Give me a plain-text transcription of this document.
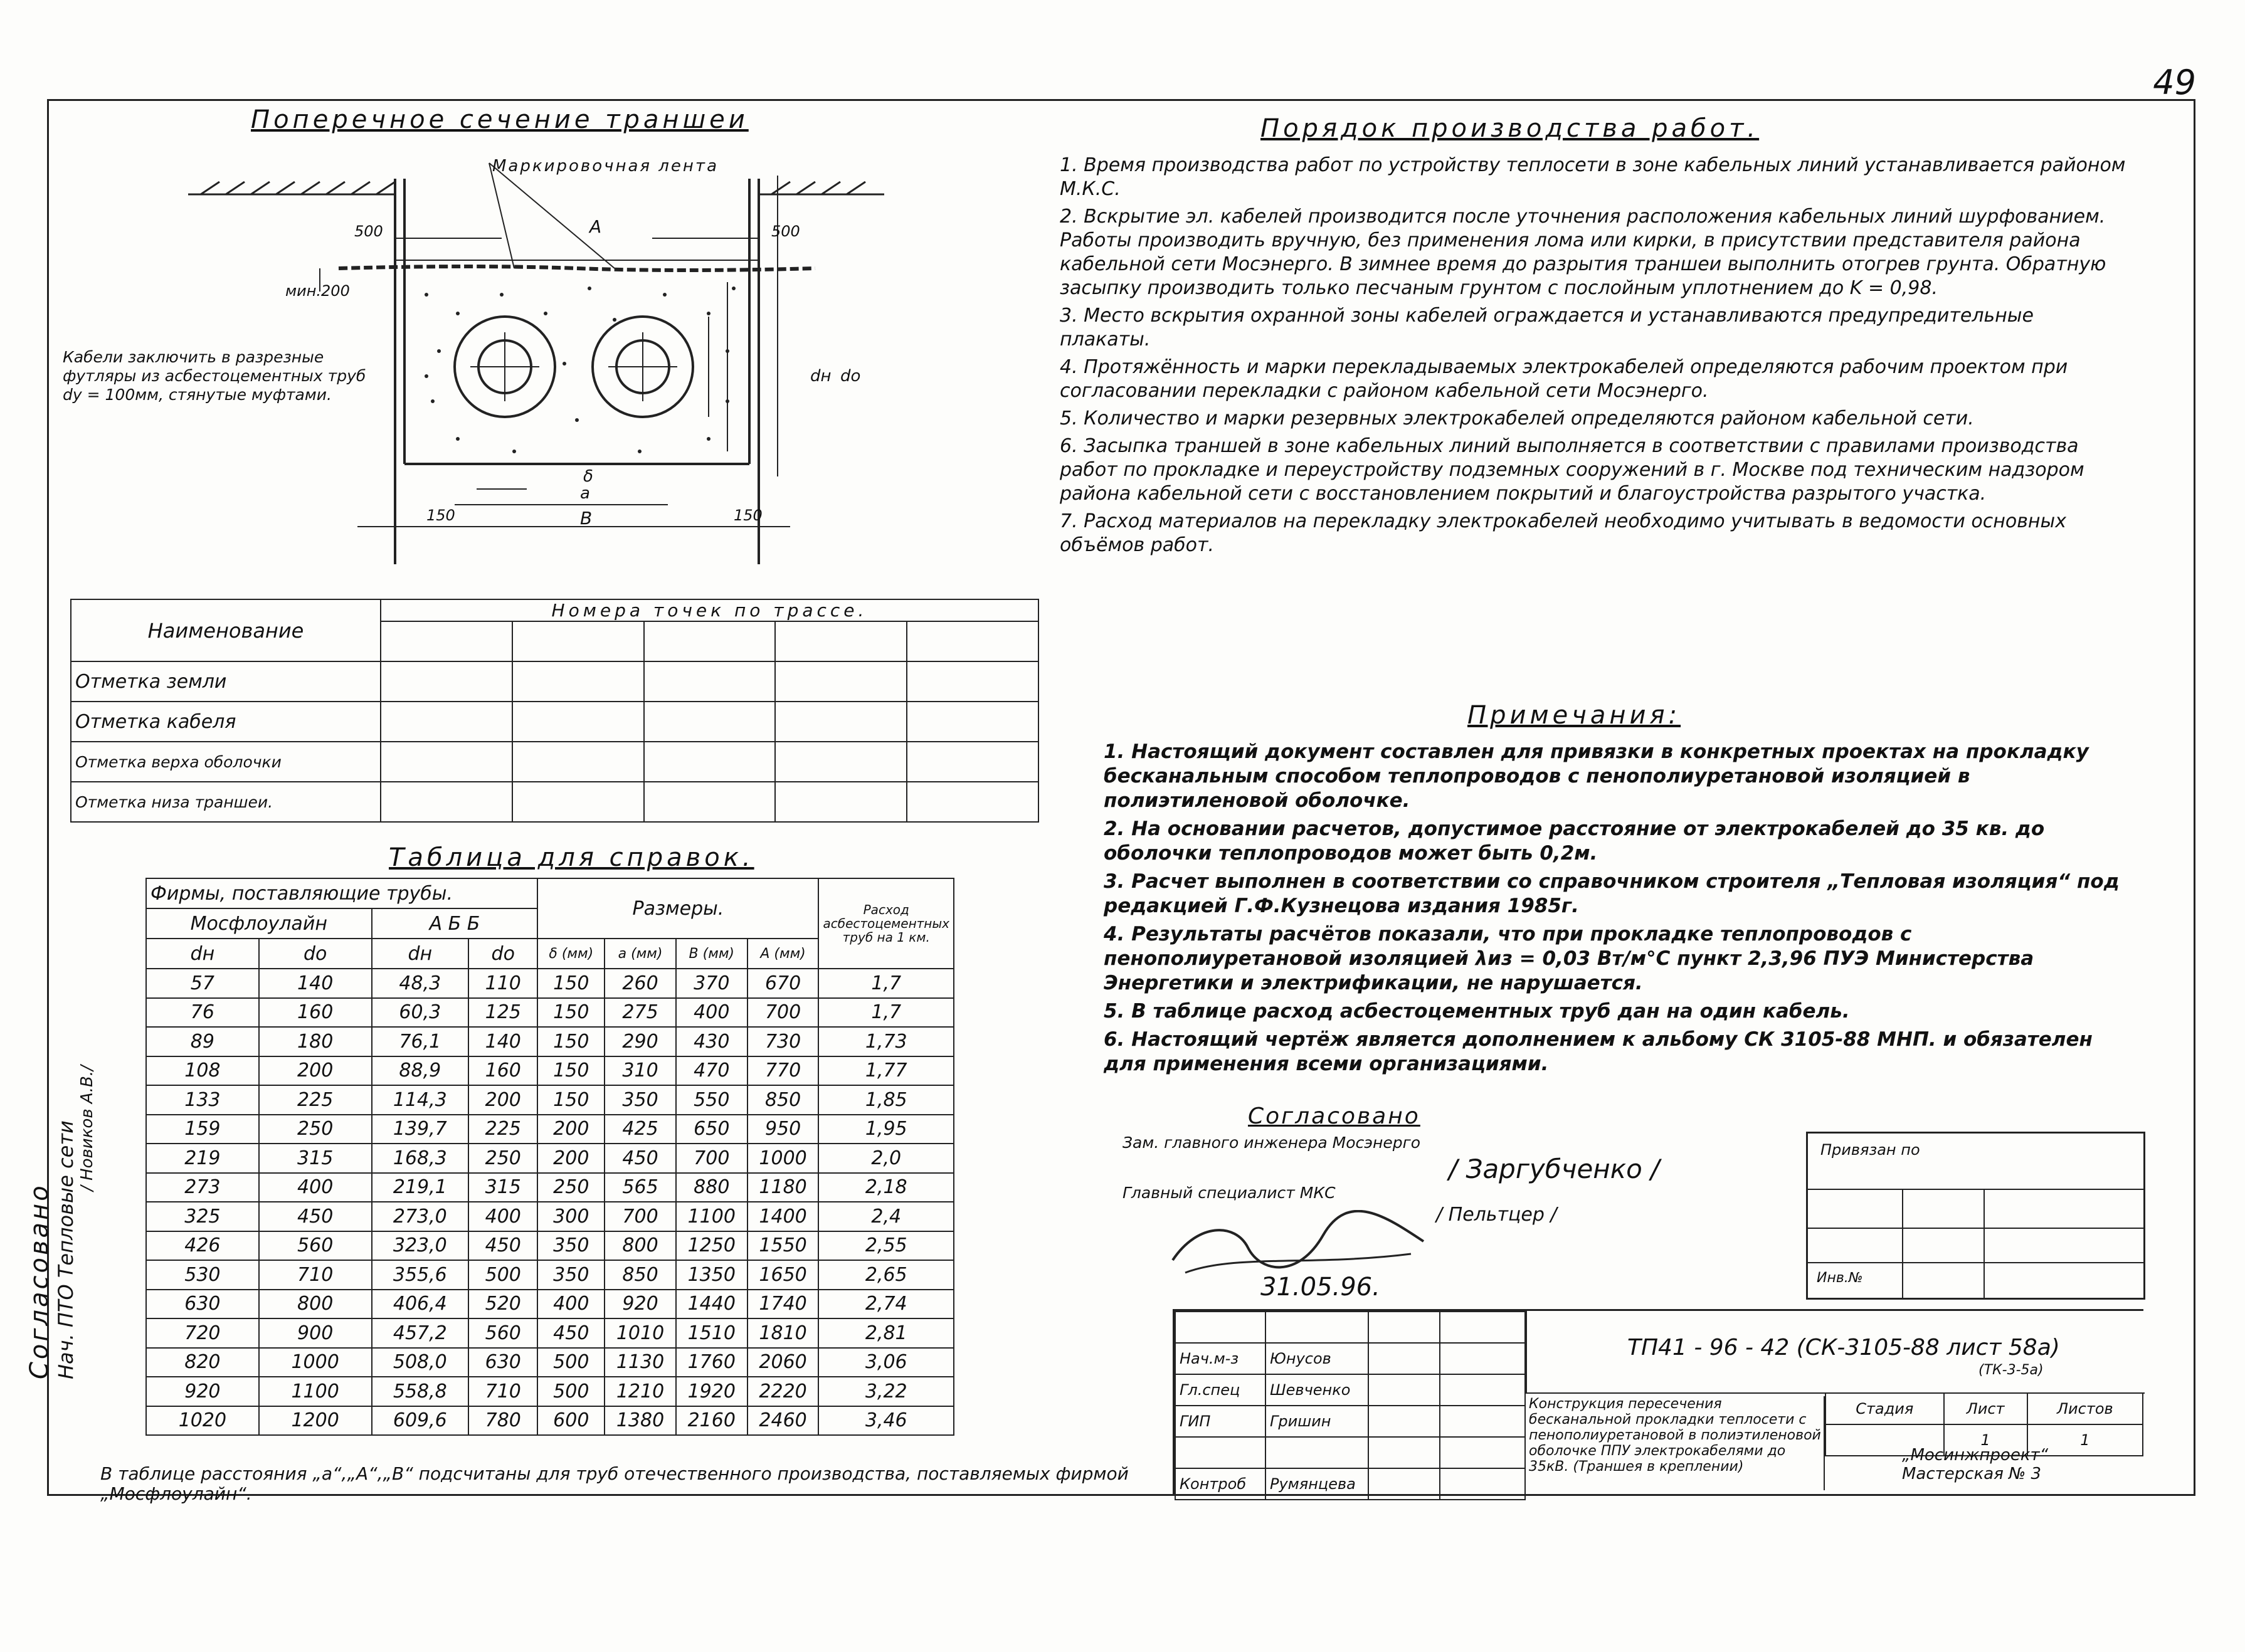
49
Поперечное сечение траншеи
Маркировочная лента
500	500
A
мин.200
dн dо
δ
a
B
150	150
Кабели заключить в разрезные футляры из асбестоцементных труб dy = 100мм, стянутые муфтами.
Наименование	Номера точек по трассе.				

Отметка земли					
Отметка кабеля					
Отметка верха оболочки					
Отметка низа траншеи.					
Таблица для справок.
Фирмы, поставляющие трубы.				Размеры.				Расход асбестоцементных труб на 1 км.
Мосфлоулайн		А Б Б						
dн	dо	dн	dо	δ (мм)	а (мм)	В (мм)	А (мм)	
57	140	48,3	110	150	260	370	670	1,7
76	160	60,3	125	150	275	400	700	1,7
89	180	76,1	140	150	290	430	730	1,73
108	200	88,9	160	150	310	470	770	1,77
133	225	114,3	200	150	350	550	850	1,85
159	250	139,7	225	200	425	650	950	1,95
219	315	168,3	250	200	450	700	1000	2,0
273	400	219,1	315	250	565	880	1180	2,18
325	450	273,0	400	300	700	1100	1400	2,4
426	560	323,0	450	350	800	1250	1550	2,55
530	710	355,6	500	350	850	1350	1650	2,65
630	800	406,4	520	400	920	1440	1740	2,74
720	900	457,2	560	450	1010	1510	1810	2,81
820	1000	508,0	630	500	1130	1760	2060	3,06
920	1100	558,8	710	500	1210	1920	2220	3,22
1020	1200	609,6	780	600	1380	2160	2460	3,46
В таблице расстояния „а“,„А“,„В“ подсчитаны для труб отечественного производства, поставляемых фирмой „Мосфлоулайн“.
Согласовано Нач. ПТО Тепловые сети / Новиков А.В./
Порядок производства работ.

1. Время производства работ по устройству теплосети в зоне кабельных линий устанавливается районом М.К.С.

2. Вскрытие эл. кабелей производится после уточнения расположения кабельных линий шурфованием. Работы производить вручную, без применения лома или кирки, в присутствии представителя района кабельной сети Мосэнерго. В зимнее время до разрытия траншеи выполнить отогрев грунта. Обратную засыпку производить только песчаным грунтом с послойным уплотнением до K = 0,98.

3. Место вскрытия охранной зоны кабелей ограждается и устанавливаются предупредительные плакаты.

4. Протяжённость и марки перекладываемых электрокабелей определяются рабочим проектом при согласовании перекладки с районом кабельной сети Мосэнерго.

5. Количество и марки резервных электрокабелей определяются районом кабельной сети.

6. Засыпка траншей в зоне кабельных линий выполняется в соответствии с правилами производства работ по прокладке и переустройству подземных сооружений в г. Москве под техническим надзором района кабельной сети с восстановлением покрытий и благоустройства разрытого участка.

7. Расход материалов на перекладку электрокабелей необходимо учитывать в ведомости основных объёмов работ.

Примечания:

1. Настоящий документ составлен для привязки в конкретных проектах на прокладку бесканальным способом теплопроводов с пенополиуретановой изоляцией в полиэтиленовой оболочке.

2. На основании расчетов, допустимое расстояние от электрокабелей до 35 кв. до оболочки теплопроводов может быть 0,2м.

3. Расчет выполнен в соответствии со справочником строителя „Тепловая изоляция“ под редакцией Г.Ф.Кузнецова издания 1985г.

4. Результаты расчётов показали, что при прокладке теплопроводов с пенополиуретановой изоляцией λиз = 0,03 Вт/м°С пункт 2,3,96 ПУЭ Министерства Энергетики и электрификации, не нарушается.

5. В таблице расход асбестоцементных труб дан на один кабель.

6. Настоящий чертёж является дополнением к альбому СК 3105-88 МНП. и обязателен для применения всеми организациями.

Согласовано
Зам. главного инженера Мосэнерго
/ Заргубченко /
Главный специалист МКС
/ Пельтцер /
31.05.96.
Привязан по
Инв.№

Нач.м-з	Юнусов		
Гл.спец	Шевченко		
ГИП	Гришин		

Контроб	Румянцева		
ТП41 - 96 - 42 (СК-3105-88 лист 58а)
(ТК-3-5а)
Конструкция пересечения бесканальной прокладки теплосети с пенополиуретановой в полиэтиленовой оболочке ППУ электрокабелями до 35кВ. (Траншея в креплении)
Стадия	Лист	Листов
	1	1
„Мосинжпроект“ Мастерская № 3
